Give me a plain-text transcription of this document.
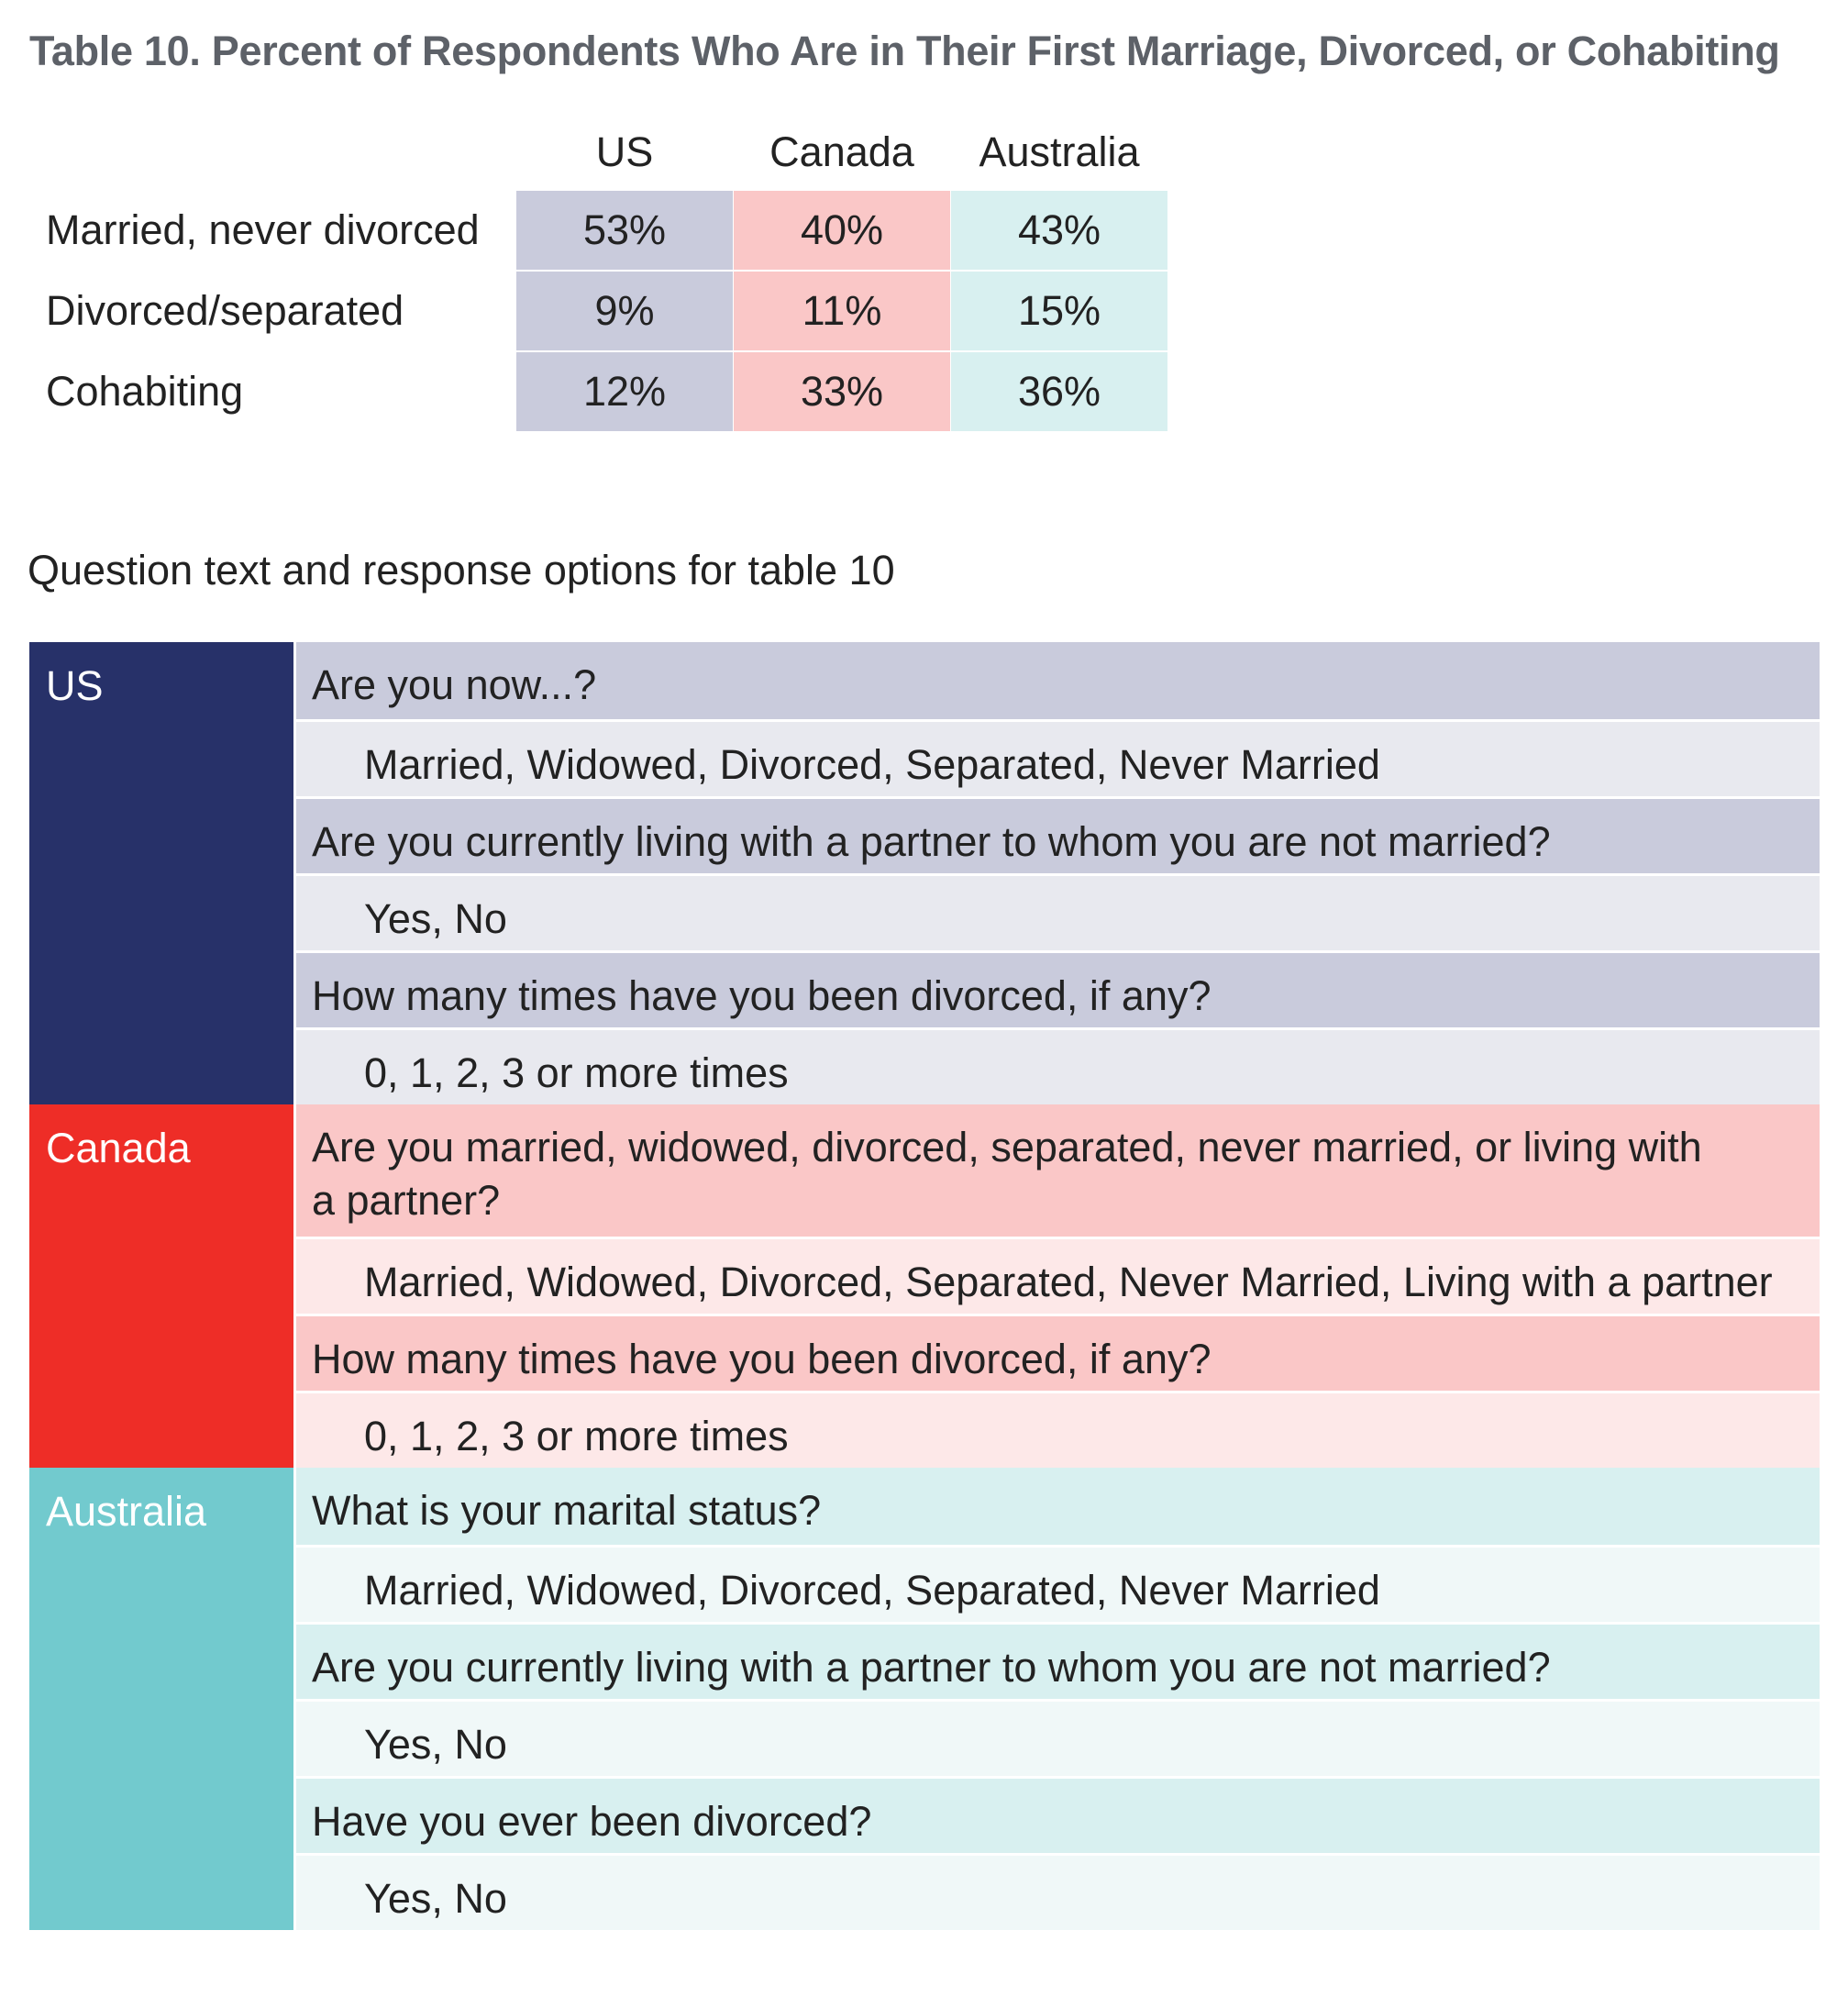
Table 10. Percent of Respondents Who Are in Their First Marriage, Divorced, or Cohabiting
US	Canada	Australia
Married, never divorced	53%	40%	43%
Divorced/separated	9%	11%	15%
Cohabiting	12%	33%	36%
Question text and response options for table 10
US	Are you now...?
Married, Widowed, Divorced, Separated, Never Married
Are you currently living with a partner to whom you are not married?
Yes, No
How many times have you been divorced, if any?
0, 1, 2, 3 or more times
Canada	Are you married, widowed, divorced, separated, never married, or living with a partner?
Married, Widowed, Divorced, Separated, Never Married, Living with a partner
How many times have you been divorced, if any?
0, 1, 2, 3 or more times
Australia	What is your marital status?
Married, Widowed, Divorced, Separated, Never Married
Are you currently living with a partner to whom you are not married?
Yes, No
Have you ever been divorced?
Yes, No
